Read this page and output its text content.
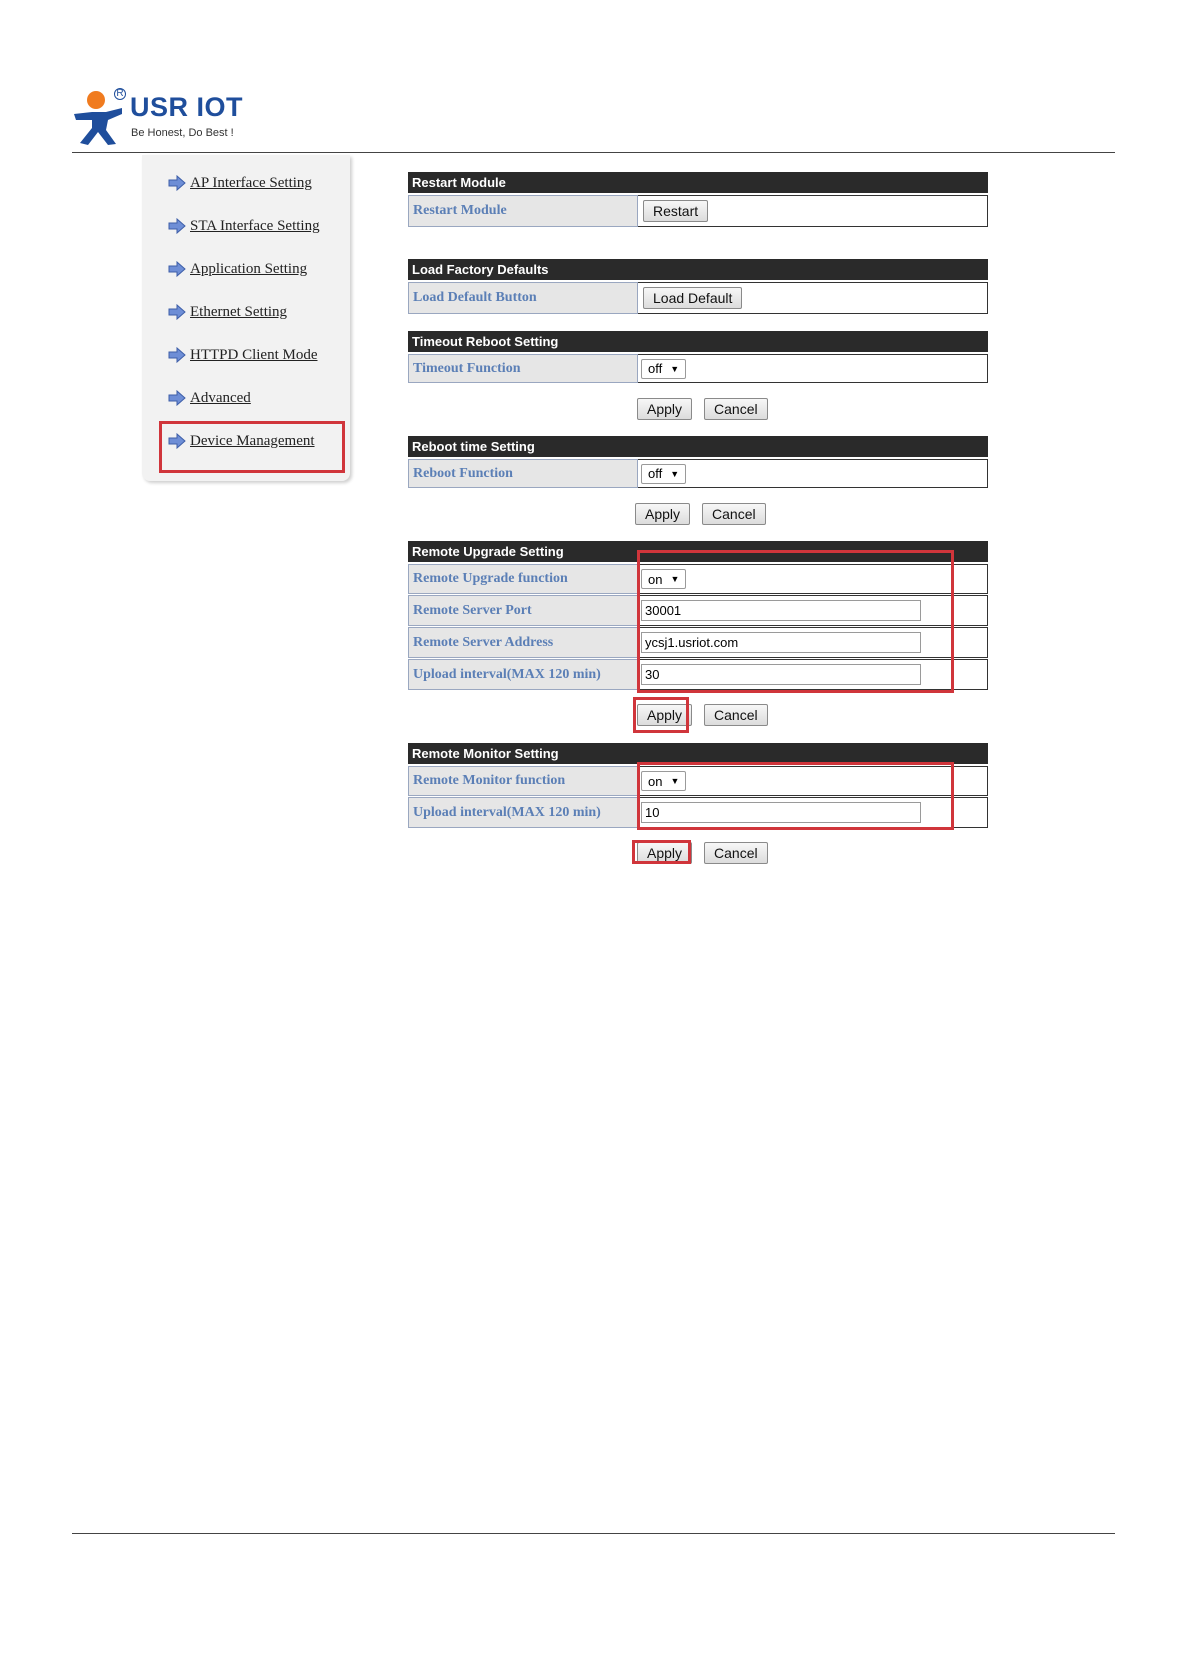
R USR IOT
Be Honest, Do Best !
AP Interface Setting
STA Interface Setting
Application Setting
Ethernet Setting
HTTPD Client Mode
Advanced
Device Management
Restart Module
Restart Module	Restart
Load Factory Defaults
Load Default Button	Load Default
Timeout Reboot Setting
Timeout Function	off ▼
Apply	Cancel
Reboot time Setting
Reboot Function	off ▼
Apply	Cancel
Remote Upgrade Setting
Remote Upgrade function	on ▼
Remote Server Port	30001
Remote Server Address	ycsj1.usriot.com
Upload interval(MAX 120 min)	30
Apply	Cancel
Remote Monitor Setting
Remote Monitor function	on ▼
Upload interval(MAX 120 min)	10
Apply	Cancel
